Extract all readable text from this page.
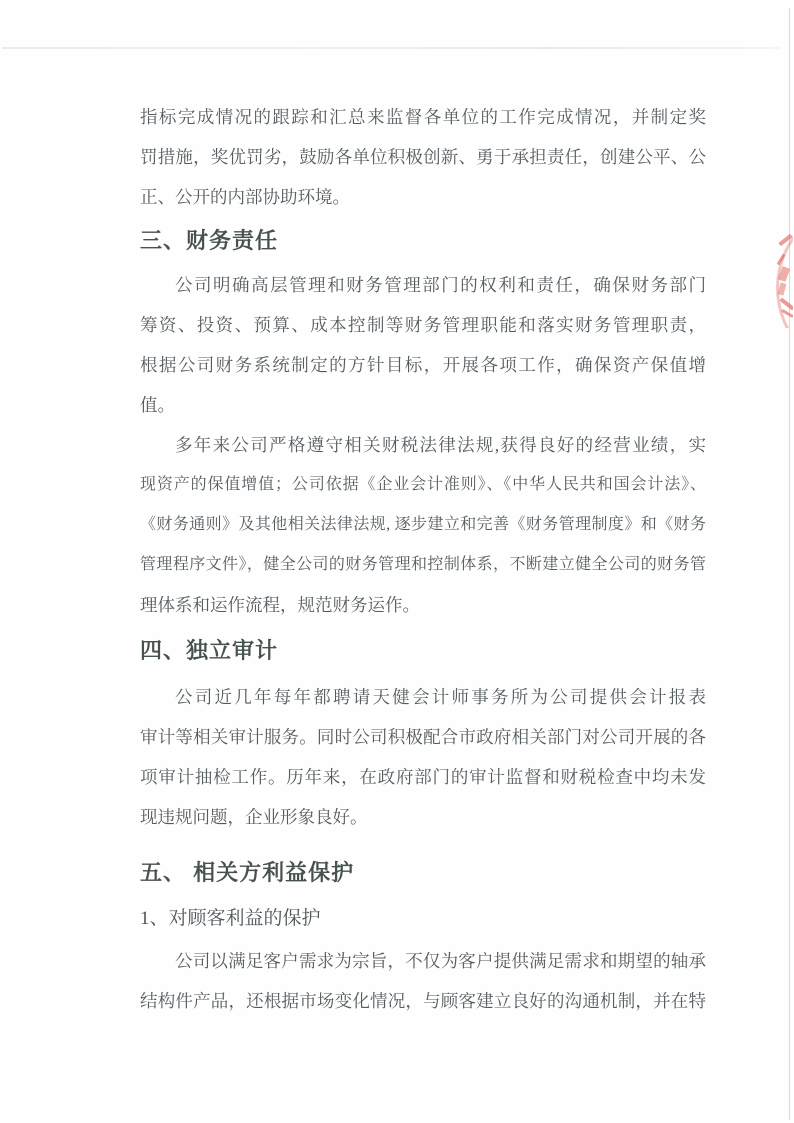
指标完成情况的跟踪和汇总来监督各单位的工作完成情况，并制定奖
罚措施，奖优罚劣，鼓励各单位积极创新、勇于承担责任，创建公平、公
正、公开的内部协助环境。
三、财务责任
公司明确高层管理和财务管理部门的权利和责任，确保财务部门
筹资、投资、预算、成本控制等财务管理职能和落实财务管理职责，
根据公司财务系统制定的方针目标，开展各项工作，确保资产保值增
值。
多年来公司严格遵守相关财税法律法规,获得良好的经营业绩，实
现资产的保值增值；公司依据《企业会计准则》、《中华人民共和国会计法》、
《财务通则》及其他相关法律法规, 逐步建立和完善《财务管理制度》和《财务
管理程序文件》，健全公司的财务管理和控制体系，不断建立健全公司的财务管
理体系和运作流程，规范财务运作。
四、独立审计
公司近几年每年都聘请天健会计师事务所为公司提供会计报表
审计等相关审计服务。同时公司积极配合市政府相关部门对公司开展的各
项审计抽检工作。历年来，在政府部门的审计监督和财税检查中均未发
现违规问题，企业形象良好。
五、 相关方利益保护
1、对顾客利益的保护
公司以满足客户需求为宗旨，不仅为客户提供满足需求和期望的轴承
结构件产品，还根据市场变化情况，与顾客建立良好的沟通机制，并在特
